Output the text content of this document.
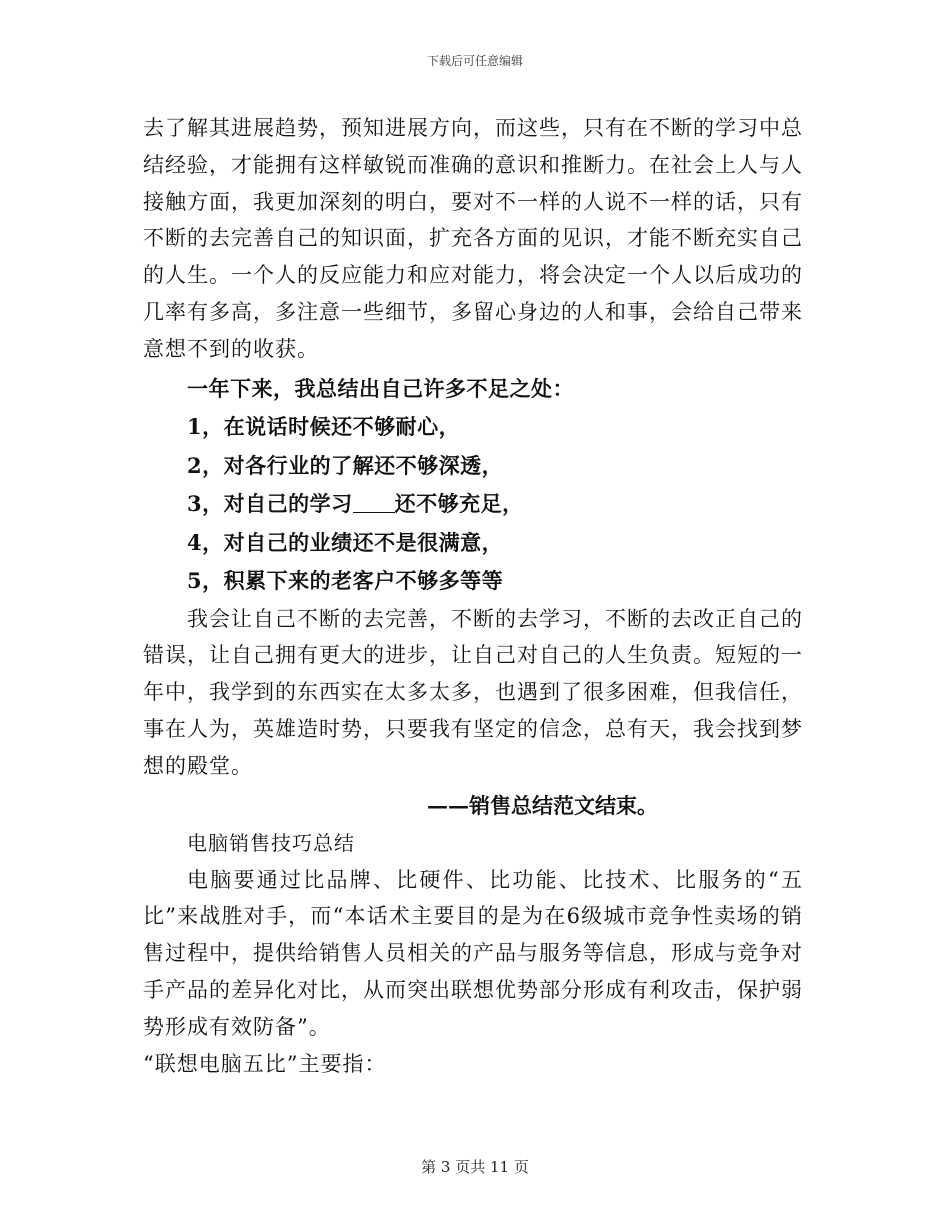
下载后可任意编辑

去了解其进展趋势，预知进展方向，而这些，只有在不断的学习中总结经验，才能拥有这样敏锐而准确的意识和推断力。在社会上人与人接触方面，我更加深刻的明白，要对不一样的人说不一样的话，只有不断的去完善自己的知识面，扩充各方面的见识，才能不断充实自己的人生。一个人的反应能力和应对能力，将会决定一个人以后成功的几率有多高，多注意一些细节，多留心身边的人和事，会给自己带来意想不到的收获。

一年下来，我总结出自己许多不足之处：

1，在说话时候还不够耐心，

2，对各行业的了解还不够深透，

3，对自己的学习 还不够充足，

4，对自己的业绩还不是很满意，

5，积累下来的老客户不够多等等

我会让自己不断的去完善，不断的去学习，不断的去改正自己的错误，让自己拥有更大的进步，让自己对自己的人生负责。短短的一年中，我学到的东西实在太多太多，也遇到了很多困难，但我信任，事在人为，英雄造时势，只要我有坚定的信念，总有天，我会找到梦想的殿堂。

——销售总结范文结束。

电脑销售技巧总结

电脑要通过比品牌、比硬件、比功能、比技术、比服务的“五比”来战胜对手，而“本话术主要目的是为在6级城市竞争性卖场的销售过程中，提供给销售人员相关的产品与服务等信息，形成与竞争对手产品的差异化对比，从而突出联想优势部分形成有利攻击，保护弱势形成有效防备”。

“联想电脑五比”主要指：

第 3 页共 11 页
